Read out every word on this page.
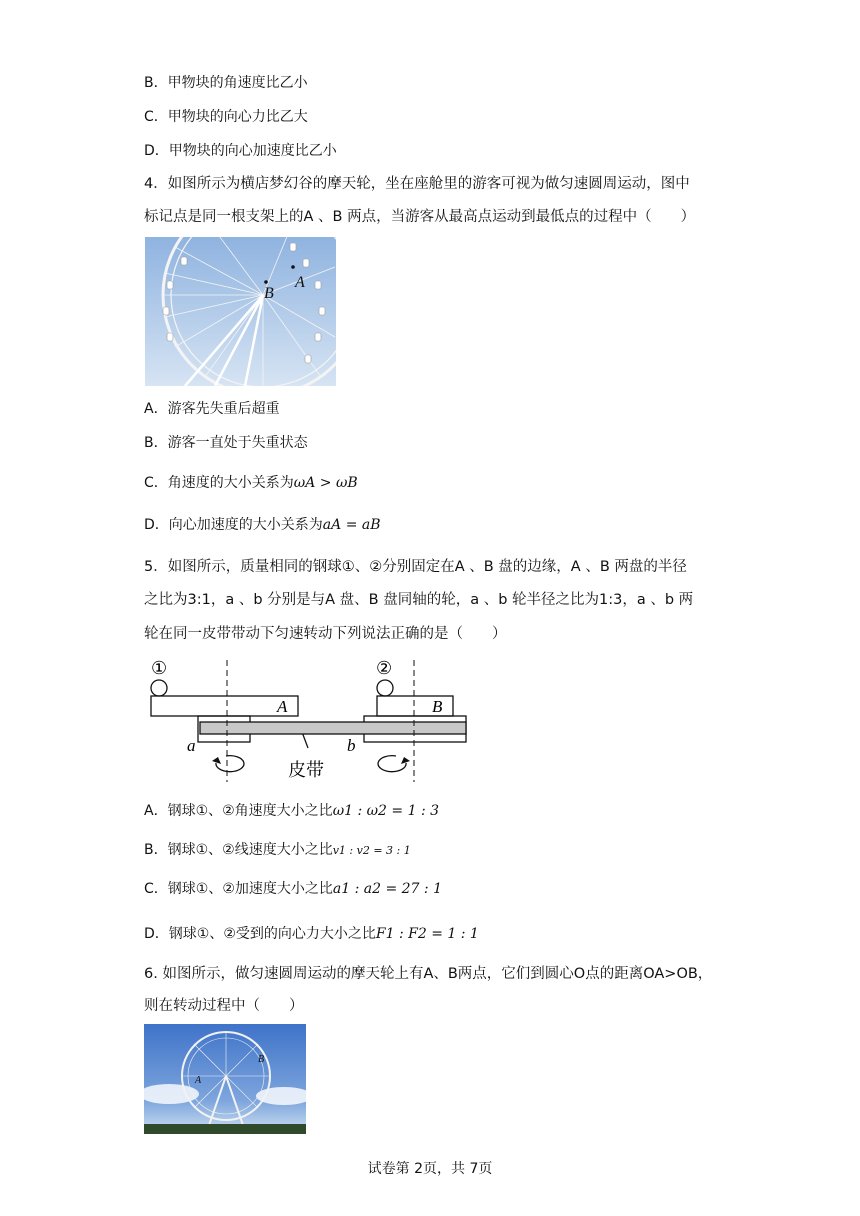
B．甲物块的角速度比乙小
C．甲物块的向心力比乙大
D．甲物块的向心加速度比乙小
4．如图所示为横店梦幻谷的摩天轮，坐在座舱里的游客可视为做匀速圆周运动，图中
标记点是同一根支架上的A 、B 两点，当游客从最高点运动到最低点的过程中（　　）
B
A
A．游客先失重后超重
B．游客一直处于失重状态
C．角速度的大小关系为ωA > ωB
D．向心加速度的大小关系为aA = aB
5．如图所示，质量相同的钢球①、②分别固定在A 、B 盘的边缘，A 、B 两盘的半径
之比为3:1，a 、b 分别是与A 盘、B 盘同轴的轮，a 、b 轮半径之比为1:3，a 、b 两
轮在同一皮带带动下匀速转动下列说法正确的是（　　）
①	②
A	B
a	b
皮带
A．钢球①、②角速度大小之比ω1 : ω2 = 1 : 3
B．钢球①、②线速度大小之比v1 : v2 = 3 : 1
C．钢球①、②加速度大小之比a1 : a2 = 27 : 1
D．钢球①、②受到的向心力大小之比F1 : F2 = 1 : 1
6. 如图所示，做匀速圆周运动的摩天轮上有A、B两点，它们到圆心O点的距离OA>OB，
则在转动过程中（　　）
A
B
试卷第 2页，共 7页
